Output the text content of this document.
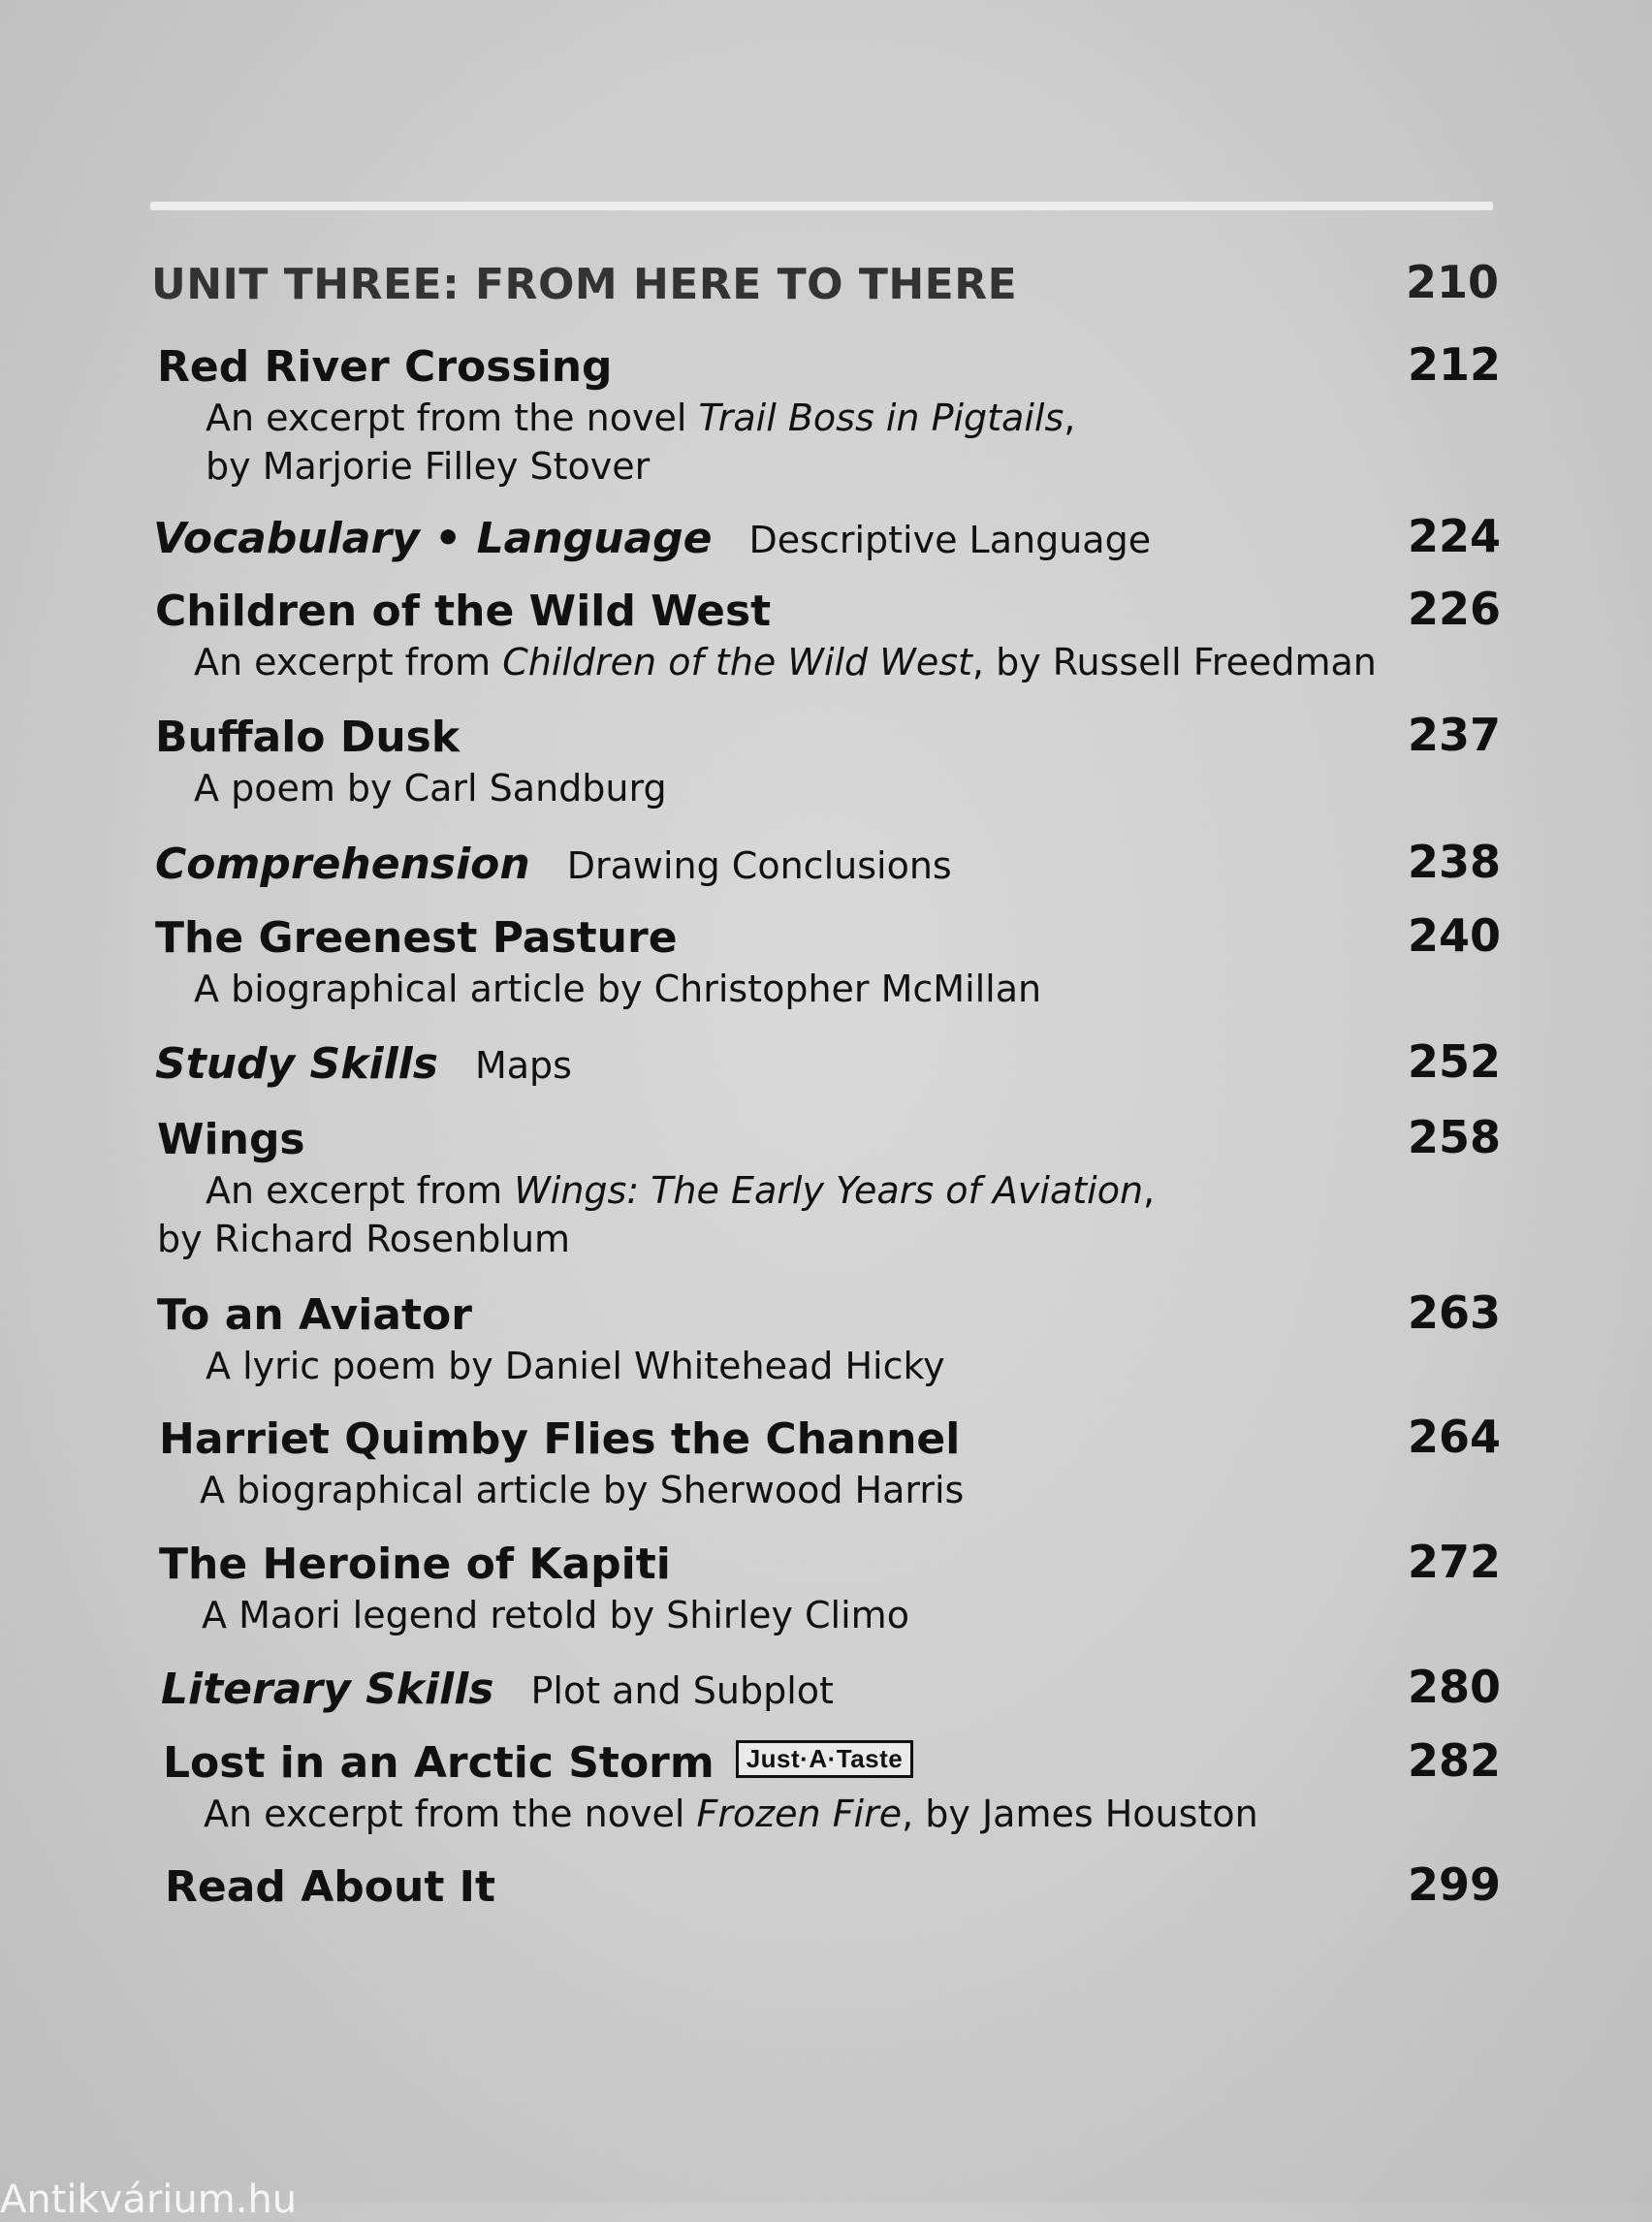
UNIT THREE: FROM HERE TO THERE	210
Red River Crossing	212
An excerpt from the novel Trail Boss in Pigtails,
by Marjorie Filley Stover
Vocabulary • Language Descriptive Language	224
Children of the Wild West	226
An excerpt from Children of the Wild West, by Russell Freedman
Buffalo Dusk	237
A poem by Carl Sandburg
Comprehension Drawing Conclusions	238
The Greenest Pasture	240
A biographical article by Christopher McMillan
Study Skills Maps	252
Wings	258
An excerpt from Wings: The Early Years of Aviation,
by Richard Rosenblum
To an Aviator	263
A lyric poem by Daniel Whitehead Hicky
Harriet Quimby Flies the Channel	264
A biographical article by Sherwood Harris
The Heroine of Kapiti	272
A Maori legend retold by Shirley Climo
Literary Skills Plot and Subplot	280
Lost in an Arctic Storm Just·A·Taste	282
An excerpt from the novel Frozen Fire, by James Houston
Read About It	299
Antikvárium.hu
